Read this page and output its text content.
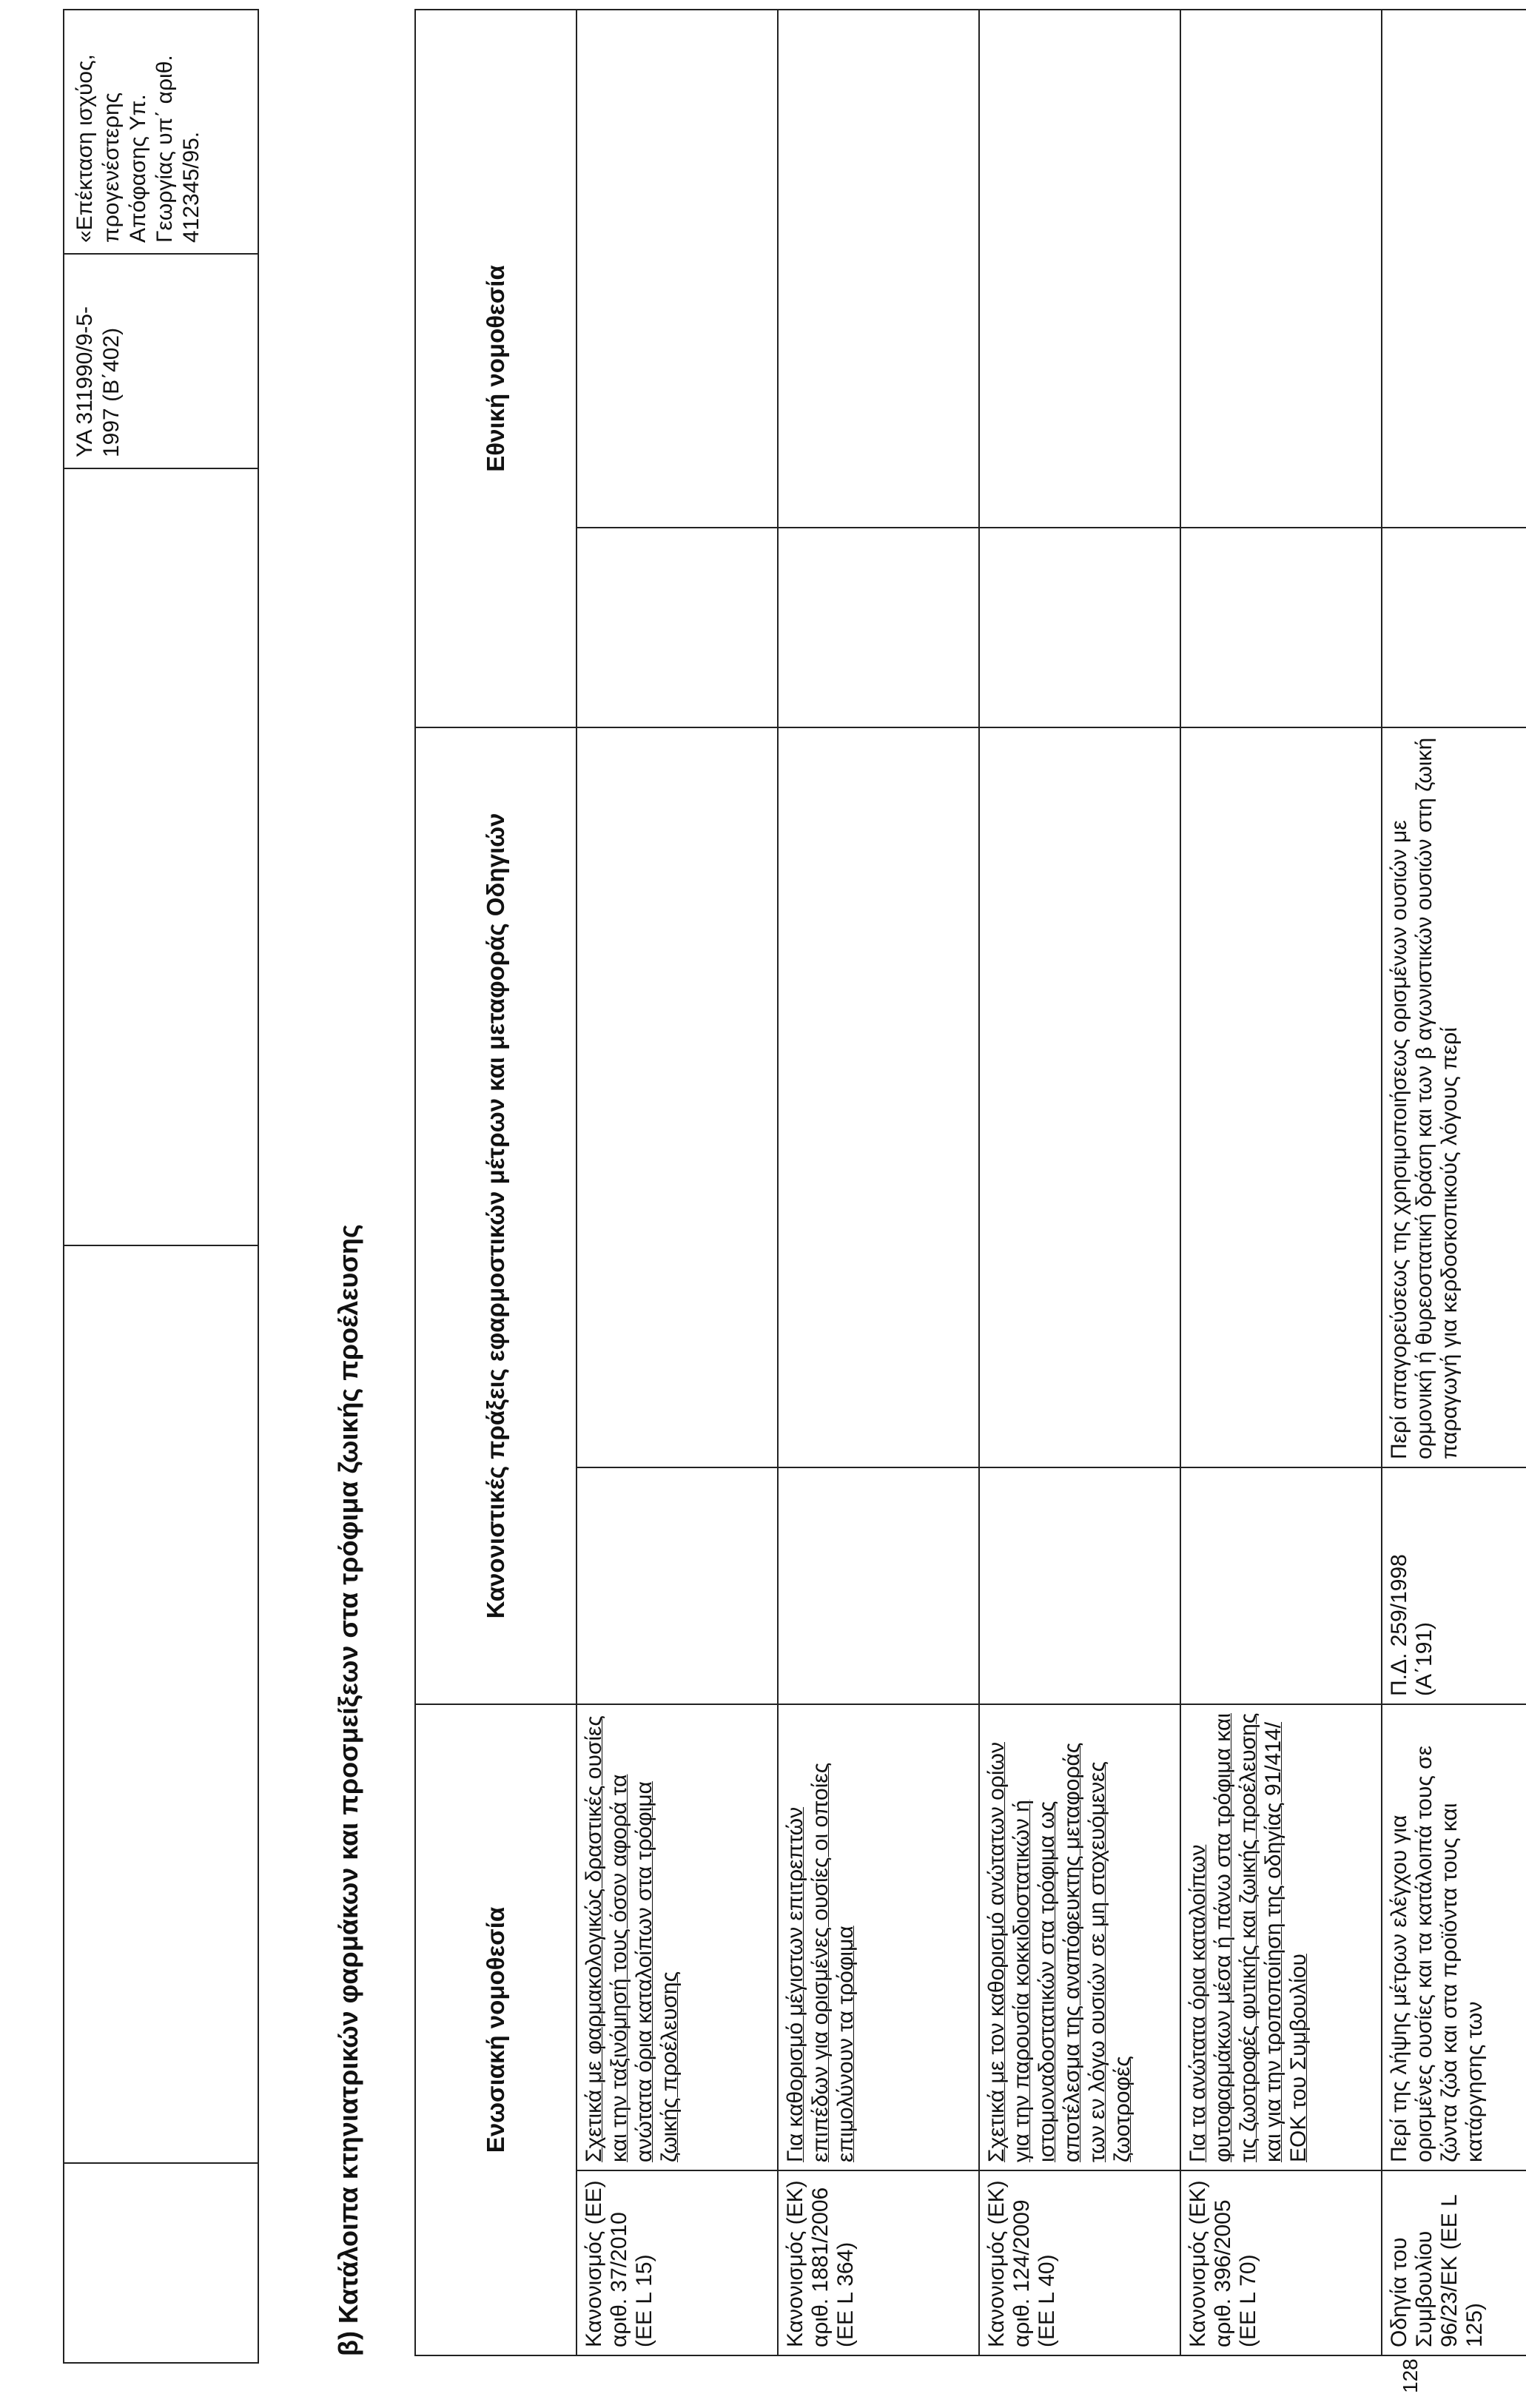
			ΥΑ 311990/9-5-1997 (Β΄402)	«Επέκταση ισχύος, προγενέστερης Απόφασης Υπ. Γεωργίας υπ΄ αριθ. 412345/95.
β) Κατάλοιπα κτηνιατρικών φαρμάκων και προσμείξεων στα τρόφιμα ζωικής προέλευσης	Ενωσιακή νομοθεσία		Κανονιστικές πράξεις εφαρμοστικών μέτρων και μεταφοράς Οδηγιών		Εθνική νομοθεσία	
Κανονισμός (ΕΕ) αριθ. 37/2010 (ΕΕ L 15)	Σχετικά με φαρμακολογικώς δραστικές ουσίες και την ταξινόμησή τους όσον αφορά τα ανώτατα όρια καταλοίπων στα τρόφιμα ζωικής προέλευσης				
Κανονισμός (ΕΚ) αριθ. 1881/2006 (ΕΕ L 364)	Για καθορισμό μέγιστων επιτρεπτών επιπέδων για ορισμένες ουσίες οι οποίες επιμολύνουν τα τρόφιμα				
Κανονισμός (ΕΚ) αριθ. 124/2009 (ΕΕ L 40)	Σχετικά με τον καθορισμό ανώτατων ορίων για την παρουσία κοκκιδιοστατικών ή ιστομοναδοστατικών στα τρόφιμα ως αποτέλεσμα της αναπόφευκτης μεταφοράς των εν λόγω ουσιών σε μη στοχευόμενες ζωοτροφές				
Κανονισμός (ΕΚ) αριθ. 396/2005 (ΕΕ L 70)	Για τα ανώτατα όρια καταλοίπων φυτοφαρμάκων μέσα ή πάνω στα τρόφιμα και τις ζωοτροφές φυτικής και ζωικής προέλευσης και για την τροποποίηση της οδηγίας 91/414/ΕΟΚ του Συμβουλίου				
Οδηγία του Συμβουλίου 96/23/ΕΚ (ΕΕ L 125)	Περί της λήψης μέτρων ελέγχου για ορισμένες ουσίες και τα κατάλοιπά τους σε ζώντα ζώα και στα προϊόντα τους και κατάργησης των	Π.Δ. 259/1998 (Α΄191)	Περί απαγορεύσεως της χρησιμοποιήσεως ορισμένων ουσιών με ορμονική ή θυρεοστατική δράση και των β αγωνιστικών ουσιών στη ζωική παραγωγή για κερδοσκοπικούς λόγους περί		
128
